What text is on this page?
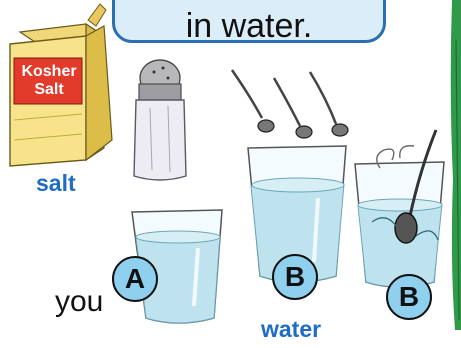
in water.
Kosher
Salt
salt
water
A	B
B
you
